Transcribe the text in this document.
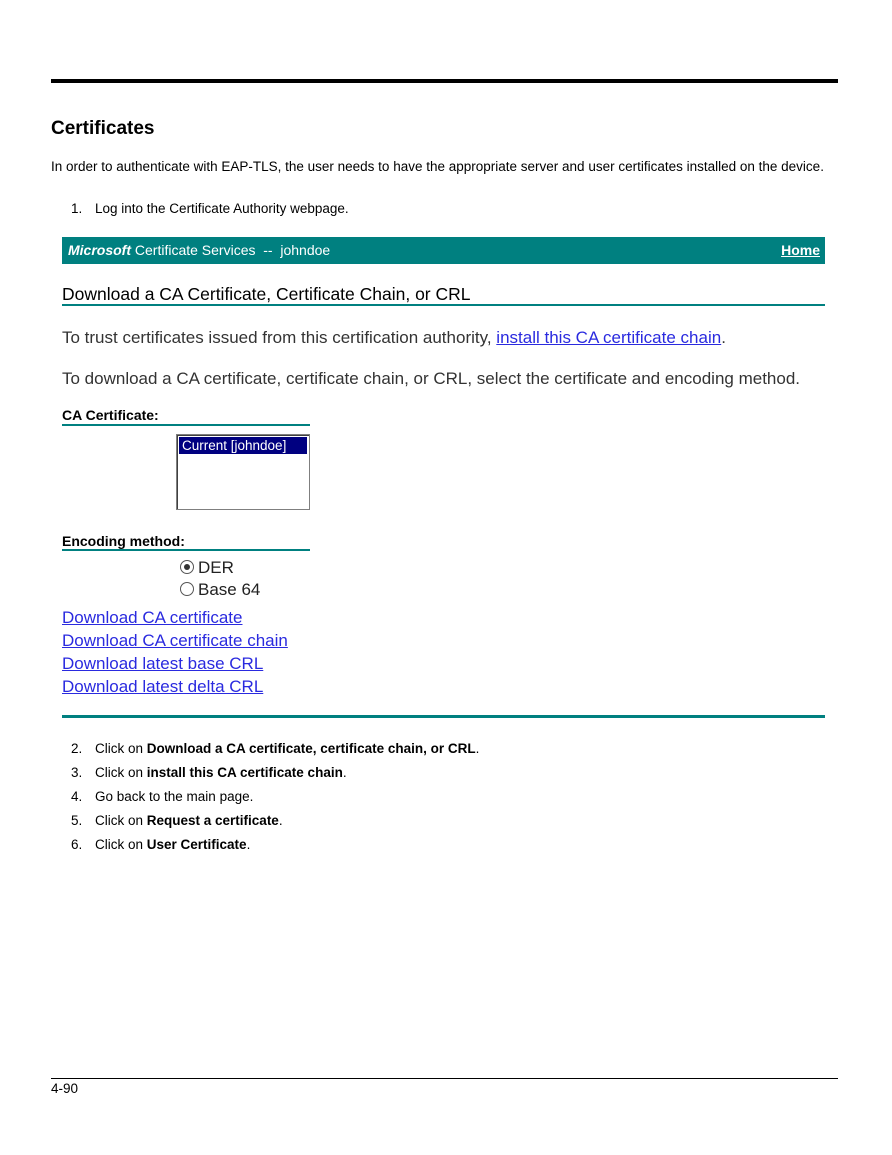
Certificates

In order to authenticate with EAP-TLS, the user needs to have the appropriate server and user certificates installed on the device.

1. Log into the Certificate Authority webpage.
Microsoft Certificate Services  --  johndoe	Home
Download a CA Certificate, Certificate Chain, or CRL

To trust certificates issued from this certification authority, install this CA certificate chain.

To download a CA certificate, certificate chain, or CRL, select the certificate and encoding method.

CA Certificate:

Current [johndoe]

Encoding method:

DER
Base 64
Download CA certificate
Download CA certificate chain
Download latest base CRL
Download latest delta CRL
2. Click on Download a CA certificate, certificate chain, or CRL.
3. Click on install this CA certificate chain.
4. Go back to the main page.
5. Click on Request a certificate.
6. Click on User Certificate.
4-90
